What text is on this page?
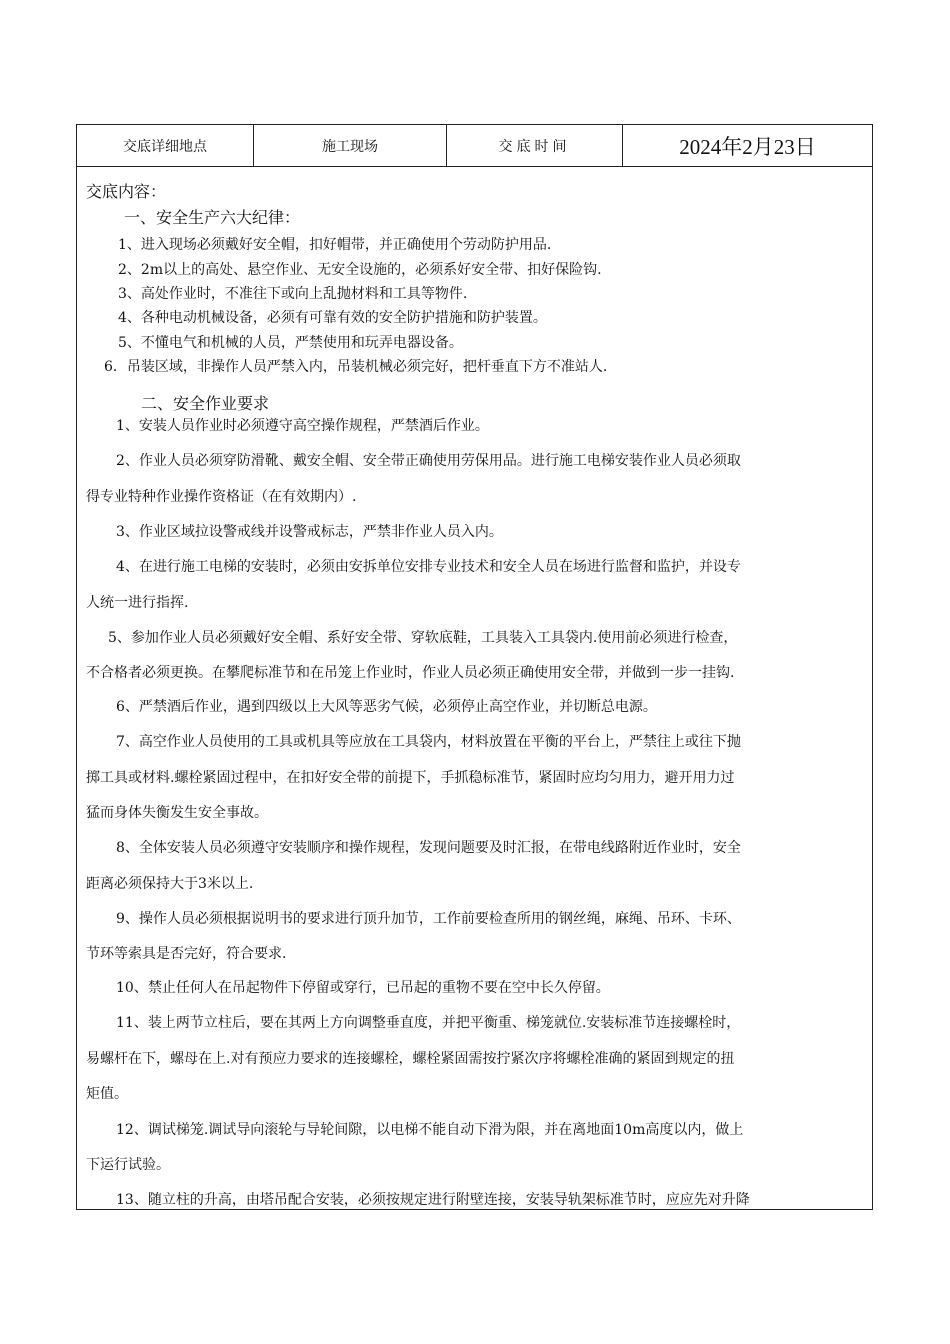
交底详细地点	施工现场	交底时间	2024年2月23日
交底内容：
一、安全生产六大纪律：
1、进入现场必须戴好安全帽，扣好帽带，并正确使用个劳动防护用品.
2、2m以上的高处、悬空作业、无安全设施的，必须系好安全带、扣好保险钩.
3、高处作业时，不准往下或向上乱抛材料和工具等物件.
4、各种电动机械设备，必须有可靠有效的安全防护措施和防护装置。
5、不懂电气和机械的人员，严禁使用和玩弄电器设备。
6．吊装区域，非操作人员严禁入内，吊装机械必须完好，把杆垂直下方不准站人.
二、安全作业要求
1、安装人员作业时必须遵守高空操作规程，严禁酒后作业。
2、作业人员必须穿防滑靴、戴安全帽、安全带正确使用劳保用品。进行施工电梯安装作业人员必须取
得专业特种作业操作资格证（在有效期内）.
3、作业区域拉设警戒线并设警戒标志，严禁非作业人员入内。
4、在进行施工电梯的安装时，必须由安拆单位安排专业技术和安全人员在场进行监督和监护，并设专
人统一进行指挥.
5、参加作业人员必须戴好安全帽、系好安全带、穿软底鞋，工具装入工具袋内.使用前必须进行检查，
不合格者必须更换。在攀爬标准节和在吊笼上作业时，作业人员必须正确使用安全带，并做到一步一挂钩.
6、严禁酒后作业，遇到四级以上大风等恶劣气候，必须停止高空作业，并切断总电源。
7、高空作业人员使用的工具或机具等应放在工具袋内，材料放置在平衡的平台上，严禁往上或往下抛
掷工具或材料.螺栓紧固过程中，在扣好安全带的前提下，手抓稳标准节，紧固时应均匀用力，避开用力过
猛而身体失衡发生安全事故。
8、全体安装人员必须遵守安装顺序和操作规程，发现问题要及时汇报，在带电线路附近作业时，安全
距离必须保持大于3米以上.
9、操作人员必须根据说明书的要求进行顶升加节，工作前要检查所用的钢丝绳，麻绳、吊环、卡环、
节环等索具是否完好，符合要求.
10、禁止任何人在吊起物件下停留或穿行，已吊起的重物不要在空中长久停留。
11、装上两节立柱后，要在其两上方向调整垂直度，并把平衡重、梯笼就位.安装标准节连接螺栓时，
易螺杆在下，螺母在上.对有预应力要求的连接螺栓，螺栓紧固需按拧紧次序将螺栓准确的紧固到规定的扭
矩值。
12、调试梯笼.调试导向滚轮与导轮间隙，以电梯不能自动下滑为限，并在离地面10m高度以内，做上
下运行试验。
13、随立柱的升高，由塔吊配合安装，必须按规定进行附壁连接，安装导轨架标准节时，应应先对升降
